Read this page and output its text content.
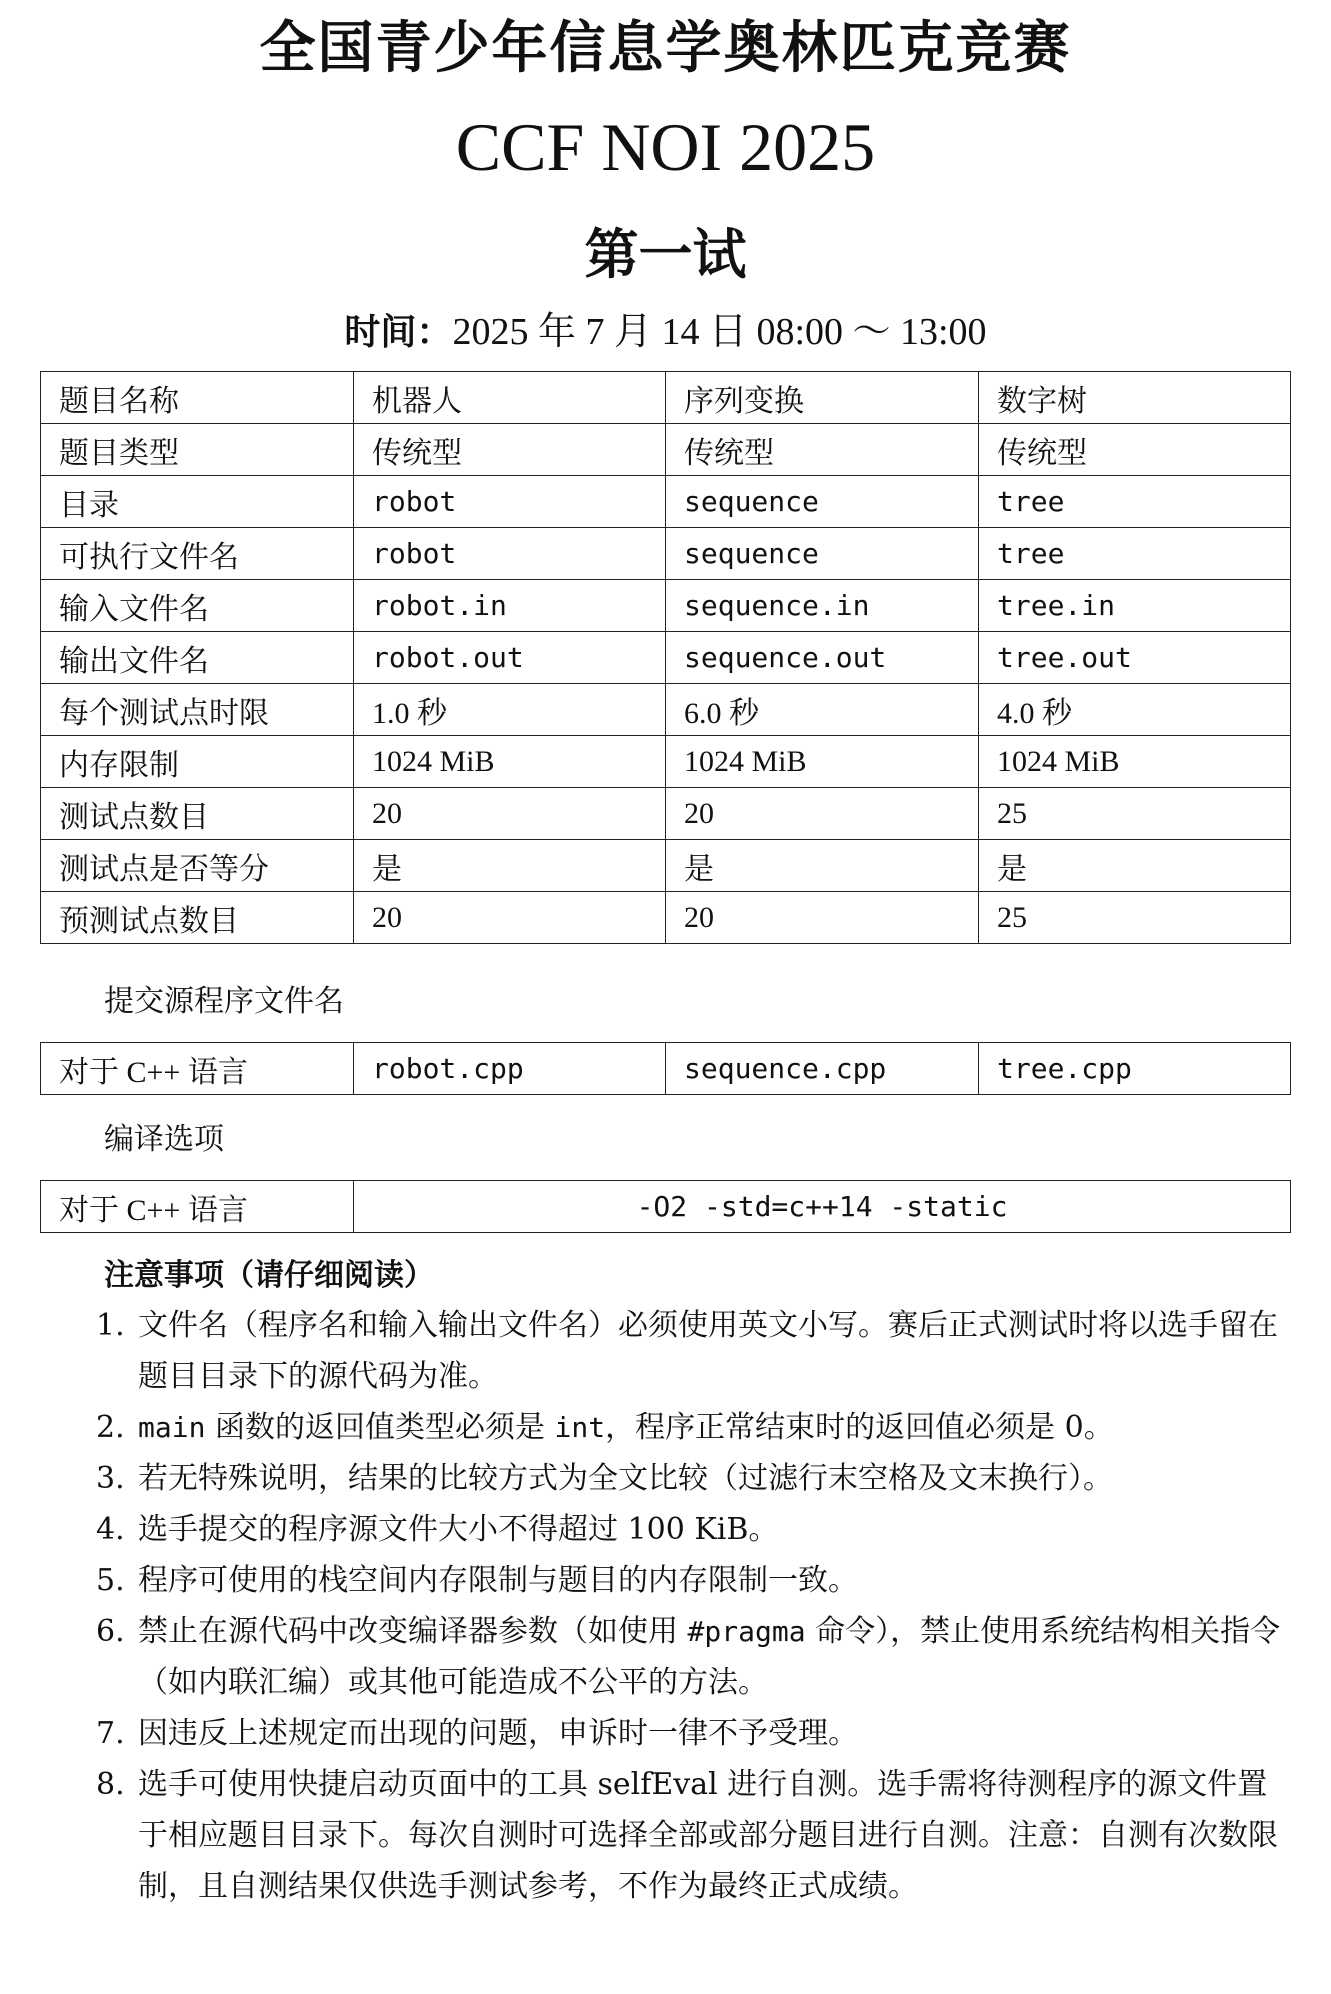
全国青少年信息学奥林匹克竞赛
CCF NOI 2025
第一试
时间：2025 年 7 月 14 日 08:00 ～ 13:00
题目名称	机器人	序列变换	数字树
题目类型	传统型	传统型	传统型
目录	robot	sequence	tree
可执行文件名	robot	sequence	tree
输入文件名	robot.in	sequence.in	tree.in
输出文件名	robot.out	sequence.out	tree.out
每个测试点时限	1.0 秒	6.0 秒	4.0 秒
内存限制	1024 MiB	1024 MiB	1024 MiB
测试点数目	20	20	25
测试点是否等分	是	是	是
预测试点数目	20	20	25
提交源程序文件名
对于 C++ 语言	robot.cpp	sequence.cpp	tree.cpp
编译选项
对于 C++ 语言	-O2 -std=c++14 -static
注意事项（请仔细阅读）
1. 文件名（程序名和输入输出文件名）必须使用英文小写。赛后正式测试时将以选手留在题目目录下的源代码为准。
2. main 函数的返回值类型必须是 int，程序正常结束时的返回值必须是 0。
3. 若无特殊说明，结果的比较方式为全文比较（过滤行末空格及文末换行）。
4. 选手提交的程序源文件大小不得超过 100 KiB。
5. 程序可使用的栈空间内存限制与题目的内存限制一致。
6. 禁止在源代码中改变编译器参数（如使用 #pragma 命令），禁止使用系统结构相关指令（如内联汇编）或其他可能造成不公平的方法。
7. 因违反上述规定而出现的问题，申诉时一律不予受理。
8. 选手可使用快捷启动页面中的工具 selfEval 进行自测。选手需将待测程序的源文件置于相应题目目录下。每次自测时可选择全部或部分题目进行自测。注意：自测有次数限制，且自测结果仅供选手测试参考，不作为最终正式成绩。
